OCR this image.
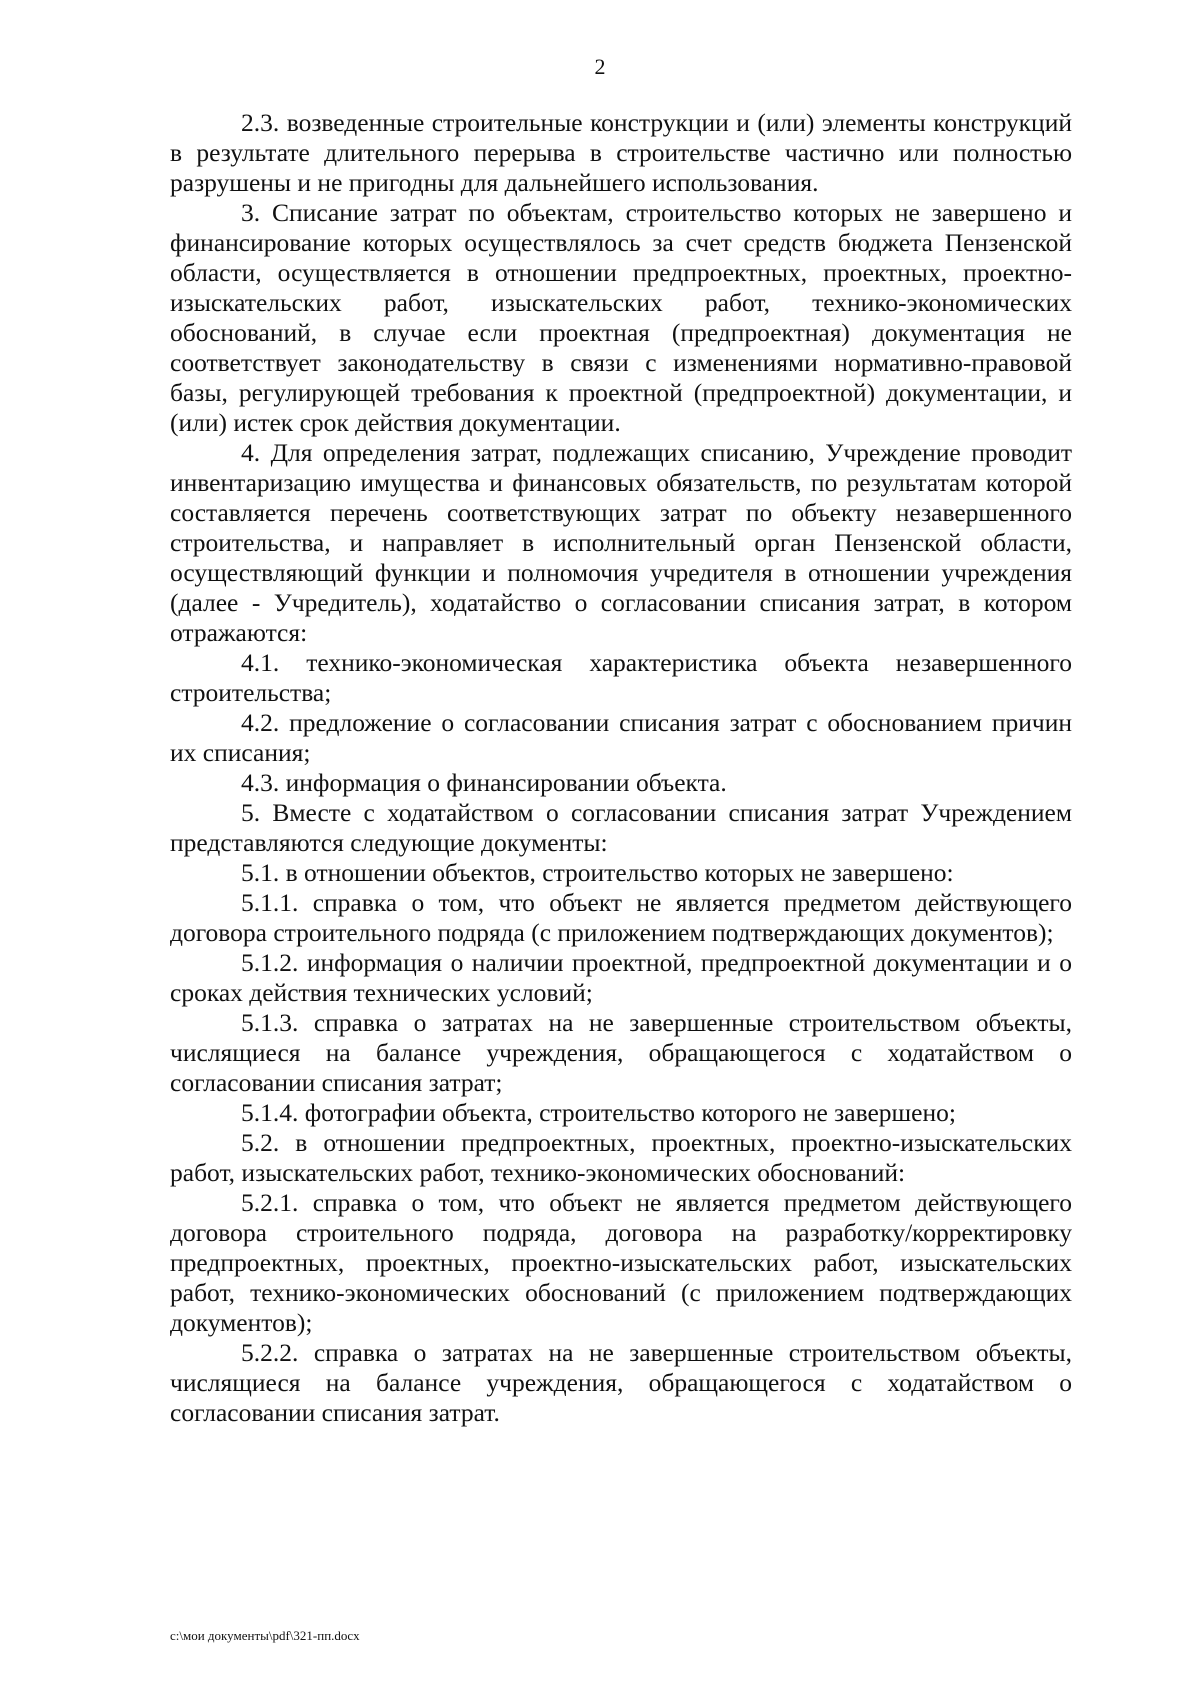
2

2.3. возведенные строительные конструкции и (или) элементы конструкций в результате длительного перерыва в строительстве частично или полностью разрушены и не пригодны для дальнейшего использования.

3. Списание затрат по объектам, строительство которых не завершено и финансирование которых осуществлялось за счет средств бюджета Пензенской области, осуществляется в отношении предпроектных, проектных, проектно-изыскательских работ, изыскательских работ, технико-экономических обоснований, в случае если проектная (предпроектная) документация не соответствует законодательству в связи с изменениями нормативно-правовой базы, регулирующей требования к проектной (предпроектной) документации, и (или) истек срок действия документации.

4. Для определения затрат, подлежащих списанию, Учреждение проводит инвентаризацию имущества и финансовых обязательств, по результатам которой составляется перечень соответствующих затрат по объекту незавершенного строительства, и направляет в исполнительный орган Пензенской области, осуществляющий функции и полномочия учредителя в отношении учреждения (далее - Учредитель), ходатайство о согласовании списания затрат, в котором отражаются:

4.1. технико-экономическая характеристика объекта незавершенного строительства;

4.2. предложение о согласовании списания затрат с обоснованием причин их списания;

4.3. информация о финансировании объекта.

5. Вместе с ходатайством о согласовании списания затрат Учреждением представляются следующие документы:

5.1. в отношении объектов, строительство которых не завершено:

5.1.1. справка о том, что объект не является предметом действующего договора строительного подряда (с приложением подтверждающих документов);

5.1.2. информация о наличии проектной, предпроектной документации и о сроках действия технических условий;

5.1.3. справка о затратах на не завершенные строительством объекты, числящиеся на балансе учреждения, обращающегося с ходатайством о согласовании списания затрат;

5.1.4. фотографии объекта, строительство которого не завершено;

5.2. в отношении предпроектных, проектных, проектно-изыскательских работ, изыскательских работ, технико-экономических обоснований:

5.2.1. справка о том, что объект не является предметом действующего договора строительного подряда, договора на разработку/корректировку предпроектных, проектных, проектно-изыскательских работ, изыскательских работ, технико-экономических обоснований (с приложением подтверждающих документов);

5.2.2. справка о затратах на не завершенные строительством объекты, числящиеся на балансе учреждения, обращающегося с ходатайством о согласовании списания затрат.

c:\мои документы\pdf\321-пп.docx
